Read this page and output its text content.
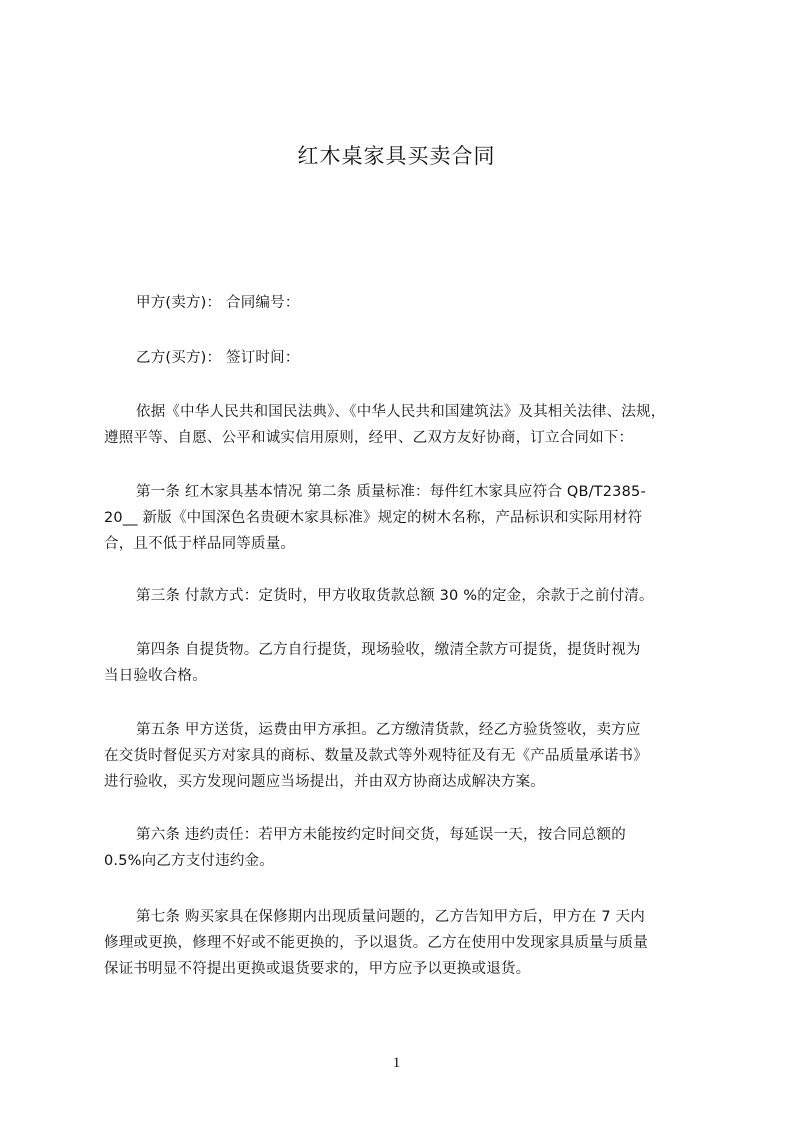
红木桌家具买卖合同
甲方(卖方)： 合同编号：
乙方(买方)： 签订时间：
依据《中华人民共和国民法典》、《中华人民共和国建筑法》及其相关法律、法规，
遵照平等、自愿、公平和诚实信用原则，经甲、乙双方友好协商，订立合同如下：
第一条 红木家具基本情况 第二条 质量标准：每件红木家具应符合 QB/T2385-
20__ 新版《中国深色名贵硬木家具标准》规定的树木名称，产品标识和实际用材符
合，且不低于样品同等质量。
第三条 付款方式：定货时，甲方收取货款总额 30 %的定金，余款于之前付清。
第四条 自提货物。乙方自行提货，现场验收，缴清全款方可提货，提货时视为
当日验收合格。
第五条 甲方送货，运费由甲方承担。乙方缴清货款，经乙方验货签收，卖方应
在交货时督促买方对家具的商标、数量及款式等外观特征及有无《产品质量承诺书》
进行验收，买方发现问题应当场提出，并由双方协商达成解决方案。
第六条 违约责任：若甲方未能按约定时间交货，每延误一天，按合同总额的
0.5%向乙方支付违约金。
第七条 购买家具在保修期内出现质量问题的，乙方告知甲方后，甲方在 7 天内
修理或更换，修理不好或不能更换的，予以退货。乙方在使用中发现家具质量与质量
保证书明显不符提出更换或退货要求的，甲方应予以更换或退货。
1
